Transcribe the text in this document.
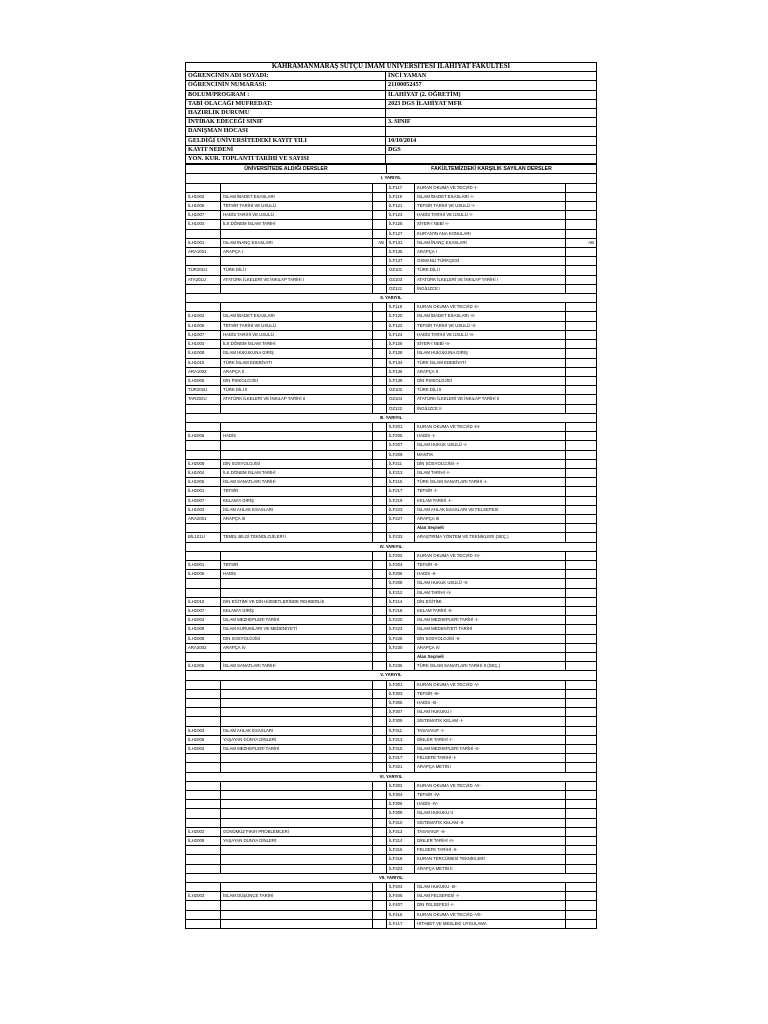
KAHRAMANMARAŞ SÜTÇÜ İMAM ÜNİVERSİTESİ İLAHİYAT FAKÜLTESİ	
ÖĞRENCİNİN ADI SOYADI:	İNCİ YAMAN
ÖĞRENCİNİN NUMARASI:	21100052457
BÖLÜM/PROGRAM :	İLAHİYAT (2. ÖĞRETİM)
TABİ OLACAĞI MÜFREDAT:	2023 DGS İLAHİYAT MFR
HAZIRLIK DURUMU	
İNTİBAK EDECEĞİ SINIF	3. SINIF
DANIŞMAN HOCASI	
GELDİĞİ ÜNİVERSİTEDEKİ KAYIT YILI	10/10/2014
KAYIT NEDENİ	DGS
YÖN. KUR. TOPLANTI TARİHİ VE SAYISI	
ÜNİVERSİTEDE ALDIĞI DERSLER			FAKÜLTEMİZDEKİ KARŞILIK SAYILAN DERSLER		
I. YARIYIL					
			İLF117	KURAN OKUMA VE TECVİD -I-	
İLH1002	İSLAM İBADET ESASLARI		İLF119	İSLAM İBADET ESASLARI -I-	
İLH1006	TEFSİR TARİHİ VE USULÜ		İLF121	TEFSİR TARİHİ VE USULÜ -I-	
İLH1007	HADİS TARİHİ VE USULÜ		İLF123	HADİS TARİHİ VE USULÜ -I-	
İLH1004	İLK DÖNEM İSLAM TARİHİ		İLF125	SİYER-İ NEBİ -I-	
			İLF127	KUR'AN'IN ANA KONULARI	
İLH1001	İSLAM İNANÇ ESASLARI	AB	İLF131	İSLAM İNANÇ ESASLARI	AB
ARA1001	ARAPÇA I		İLF135	ARAPÇA I	
			İLF137	OSMANLI TÜRKÇESİ	
TÜR201U	TÜRK DİLİ I		OZ101	TÜRK DİLİ I	
ATA201U	ATATÜRK İLKELERİ VE İNKILAP TARİHİ I		OZ103	ATATÜRK İLKELERİ VE İNKILAP TARİHİ I	
			OZ121	İNGİLİZCE I	
II. YARIYIL					
			İLF118	KURAN OKUMA VE TECVİD -II-	
İLH1002	İSLAM İBADET ESASLARI		İLF120	İSLAM İBADET ESASLARI -II-	
İLH1006	TEFSİR TARİHİ VE USULÜ		İLF122	TEFSİR TARİHİ VE USULÜ -II-	
İLH1007	HADİS TARİHİ VE USULÜ		İLF124	HADİS TARİHİ VE USULÜ -II-	
İLH1004	İLK DÖNEM İSLAM TARİHİ		İLF126	SİYER-İ NEBİ -II-	
İLH1008	İSLAM HUKUKUNA GİRİŞ		İLF128	İSLAM HUKUKUNA GİRİŞ	
İLH1010	TÜRK İSLAM EDEBİYATI		İLF134	TÜRK İSLAM EDEBİYATI	
ARA1002	ARAPÇA II		İLF136	ARAPÇA II	
İLH2005	DİN PSİKOLOJİSİ		İLF138	DİN PSİKOLOJİSİ	
TÜR202U	TÜRK DİLİ II		OZ102	TÜRK DİLİ II	
TAR202U	ATATÜRK İLKELERİ VE İNKILAP TARİHİ II		OZ104	ATATÜRK İLKELERİ VE İNKILAP TARİHİ II	
			OZ122	İNGİLİZCE II	
III. YARIYIL					
			İLF201	KURAN OKUMA VE TECVİD -III-	
İLH2006	HADİS		İLF205	HADİS -I-	
			İLF207	İSLAM HUKUK USULÜ -I-	
			İLF209	MANTIK	
İLH2008	DİN SOSYOLOJİSİ		İLF211	DİN SOSYOLOJİSİ -I-	
İLH1004	İLK DÖNEM İSLAM TARİHİ		İLF213	İSLAM TARİHİ -I-	
İLH1005	İSLAM SANATLARI TARİHİ		İLF215	TÜRK İSLAM SANATLARI TARİHİ -I-	
İLH2001	TEFSİR		İLF217	TEFSİR -I-	
İLH2007	KELAM'A GİRİŞ		İLF219	KELAM TARİHİ -I-	
İLH1003	İSLAM AHLAK ESASLARI		İLF223	İSLAM AHLAK ESASLARI VE FELSEFESİ	
ARA2001	ARAPÇA III		İLF227	ARAPÇA III	
				Alan Seçmeli	
BİL101U	TEMEL BİLGİ TEKNOLOJİLERİ I		İLF233	ARAŞTIRMA YÖNTEM VE TEKNİKLERİ (SEÇ.)	
IV. YARIYIL					
			İLF202	KURAN OKUMA VE TECVİD -IV-	
İLH2001	TEFSİR		İLF204	TEFSİR -II-	
İLH2006	HADİS		İLF206	HADİS -II-	
			İLF208	İSLAM HUKUK USULÜ -II-	
			İLF212	İSLAM TARİHİ -II-	
İLH2010	DİN EĞİTİMİ VE DİN HİZMETLERİNDE REHBERLİK		İLF214	DİN EĞİTİMİ	
İLH2007	KELAM'A GİRİŞ		İLF218	KELAM TARİHİ -II-	
İLH2004	İSLAM MEZHEPLERİ TARİHİ		İLF220	İSLAM MEZHEPLERİ TARİHİ -I-	
İLH1009	İSLAM KURUMLARI VE MEDENİYETİ		İLF222	İSLAM MEDENİYETİ TARİHİ	
İLH2008	DİN SOSYOLOJİSİ		İLF226	DİN SOSYOLOJİSİ -II-	
ARA2002	ARAPÇA IV		İLF230	ARAPÇA IV	
				Alan Seçmeli	
İLH1005	İSLAM SANATLARI TARİHİ		İLF236	TÜRK İSLAM SANATLARI TARİHİ II (SEÇ.)	
V. YARIYIL					
			İLF301	KURAN OKUMA VE TECVİD -V-	
			İLF303	TEFSİR -III-	
			İLF305	HADİS -III-	
			İLF307	İSLAM HUKUKU I	
			İLF309	SİSTEMATİK KELAM -I-	
İLH1003	İSLAM AHLAK ESASLARI		İLF311	TASAVVUF -I-	
İLH2009	YAŞAYAN DÜNYA DİNLERİ		İLF313	DİNLER TARİHİ -I-	
İLH2004	İSLAM MEZHEPLERİ TARİHİ		İLF315	İSLAM MEZHEPLERİ TARİHİ -II-	
			İLF317	FELSEFE TARİHİ -I-	
			İLF321	ARAPÇA METİN I	
VI. YARIYIL					
			İLF302	KURAN OKUMA VE TECVİD -VI-	
			İLF304	TEFSİR -IV-	
			İLF306	HADİS -IV-	
			İLF308	İSLAM HUKUKU II	
			İLF310	SİSTEMATİK KELAM -II-	
İLH2002	GÜNÜMÜZ FIKIH PROBLEMLERİ		İLF312	TASAVVUF -II-	
İLH2009	YAŞAYAN DÜNYA DİNLERİ		İLF314	DİNLER TARİHİ -II-	
			İLF316	FELSEFE TARİHİ -II-	
			İLF318	KURAN TERCÜMESİ TEKNİKLERİ	
			İLF322	ARAPÇA METİN II	
VII. YARIYIL					
			İLF403	İSLAM HUKUKU -III-	
İLH2003	İSLAM DÜŞÜNCE TARİHİ		İLF405	İSLAM FELSEFESİ -I-	
			İLF407	DİN FELSEFESİ -I-	
			İLF415	KURAN OKUMA VE TECVİD -VII-	
			İLF417	HİTABET VE MESLEKİ UYGULAMA	
